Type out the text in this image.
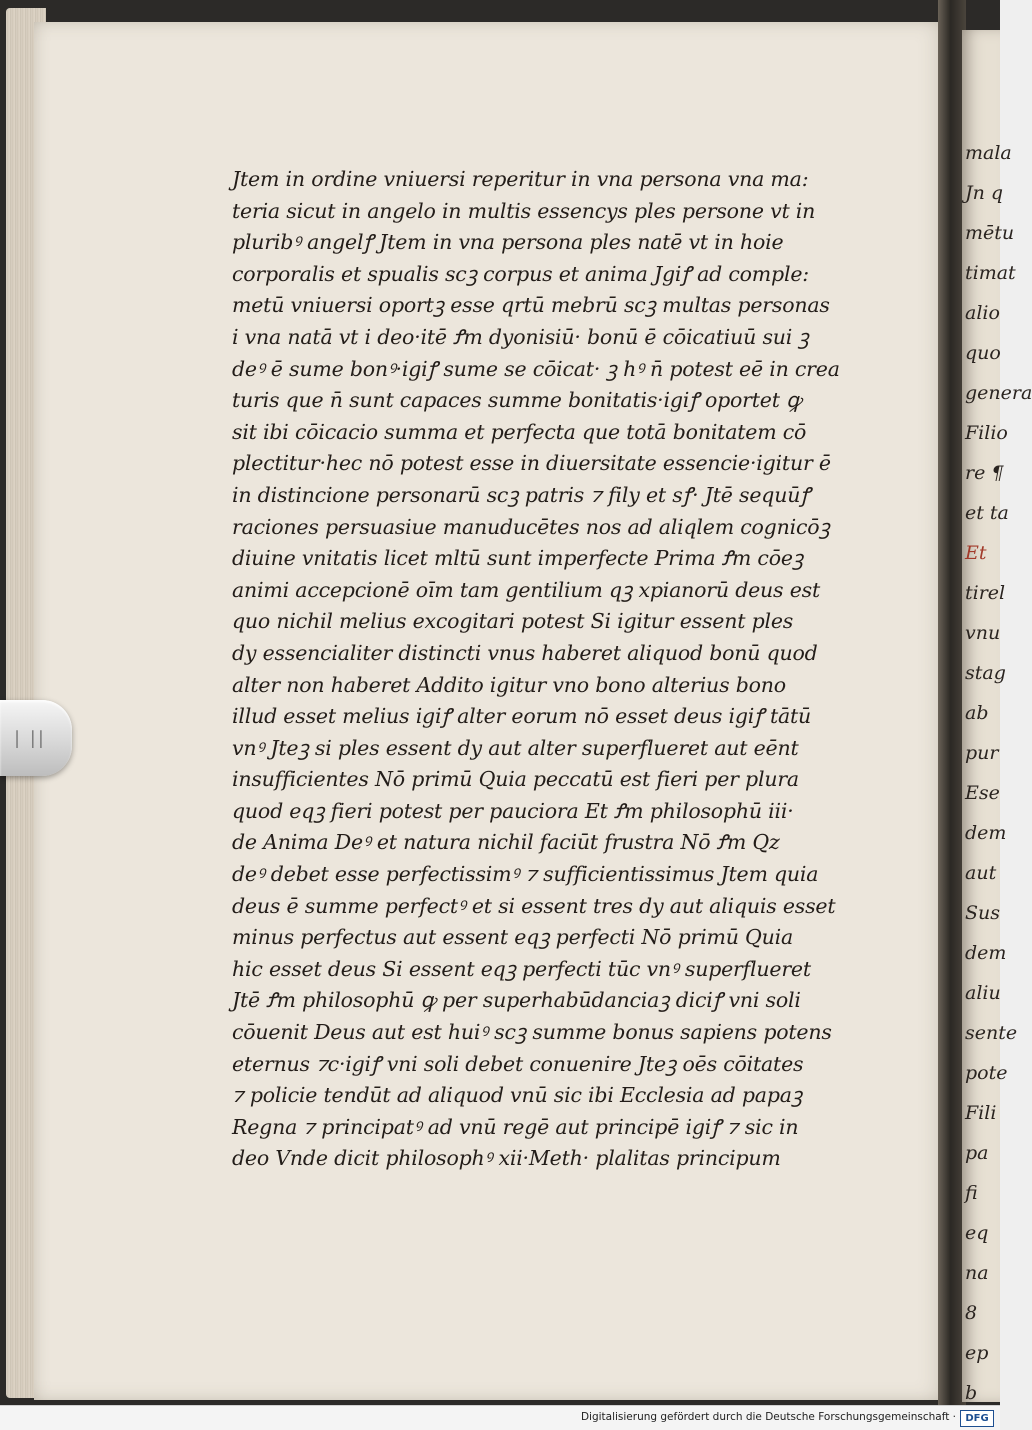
mala
Jn q
mētu
timat
alio
quo
genera
Filio
re ¶
et ta
Et
tirel
vnu
stag
ab
pur
Ese
dem
aut
Sus
dem
aliu
sente
pote
Fili
pa
fi
eq
na
8
ep
b
| ||
Jtem in ordine vniuersi reperitur in vna persona vna ma:
teria sicut in angelo in multis essencys ples persone vt in
pluribꝰ angelꝭ Jtem in vna persona ples natē vt in hoie
corporalis et spualis scꝫ corpus et anima Jgiꝭ ad comple:
metū vniuersi oportꝫ esse qrtū mebrū scꝫ multas personas
i vna natā vt i deo·itē Ꝭm dyonisiū· bonū ē cōicatiuū sui ꝫ
deꝰ ē sume bonꝰ·igiꝭ sume se cōicat· ꝫ hꝰ n̄ potest eē in crea
turis que n̄ sunt capaces summe bonitatis·igiꝭ oportet ꝙ
sit ibi cōicacio summa et perfecta que totā bonitatem cō
plectitur·hec nō potest esse in diuersitate essencie·igitur ē
in distincione personarū scꝫ patris ⁊ fily et sꝭ· Jtē sequūꝭ
raciones persuasiue manuducētes nos ad aliqlem cognicōꝫ
diuine vnitatis licet mltū sunt imperfecte Prima Ꝭm cōeꝫ
animi accepcionē oīm tam gentilium qꝫ xpianorū deus est
quo nichil melius excogitari potest Si igitur essent ples
dy essencialiter distincti vnus haberet aliquod bonū quod
alter non haberet Addito igitur vno bono alterius bono
illud esset melius igiꝭ alter eorum nō esset deus igiꝭ tātū
vnꝰ Jteꝫ si ples essent dy aut alter superflueret aut eēnt
insufficientes Nō primū Quia peccatū est fieri per plura
quod eqꝫ fieri potest per pauciora Et Ꝭm philosophū iii·
de Anima Deꝰ et natura nichil faciūt frustra Nō Ꝭm Qz
deꝰ debet esse perfectissimꝰ ⁊ sufficientissimus Jtem quia
deus ē summe perfectꝰ et si essent tres dy aut aliquis esset
minus perfectus aut essent eqꝫ perfecti Nō primū Quia
hic esset deus Si essent eqꝫ perfecti tūc vnꝰ superflueret
Jtē Ꝭm philosophū ꝙ per superhabūdanciaꝫ diciꝭ vni soli
cōuenit Deus aut est huiꝰ scꝫ summe bonus sapiens potens
eternus ⁊c·igiꝭ vni soli debet conuenire Jteꝫ oēs cōitates
⁊ policie tendūt ad aliquod vnū sic ibi Ecclesia ad papaꝫ
Regna ⁊ principatꝰ ad vnū regē aut principē igiꝭ ⁊ sic in
deo Vnde dicit philosophꝰ xii·Meth· plalitas principum
Digitalisierung gefördert durch die Deutsche Forschungsgemeinschaft · DFG
